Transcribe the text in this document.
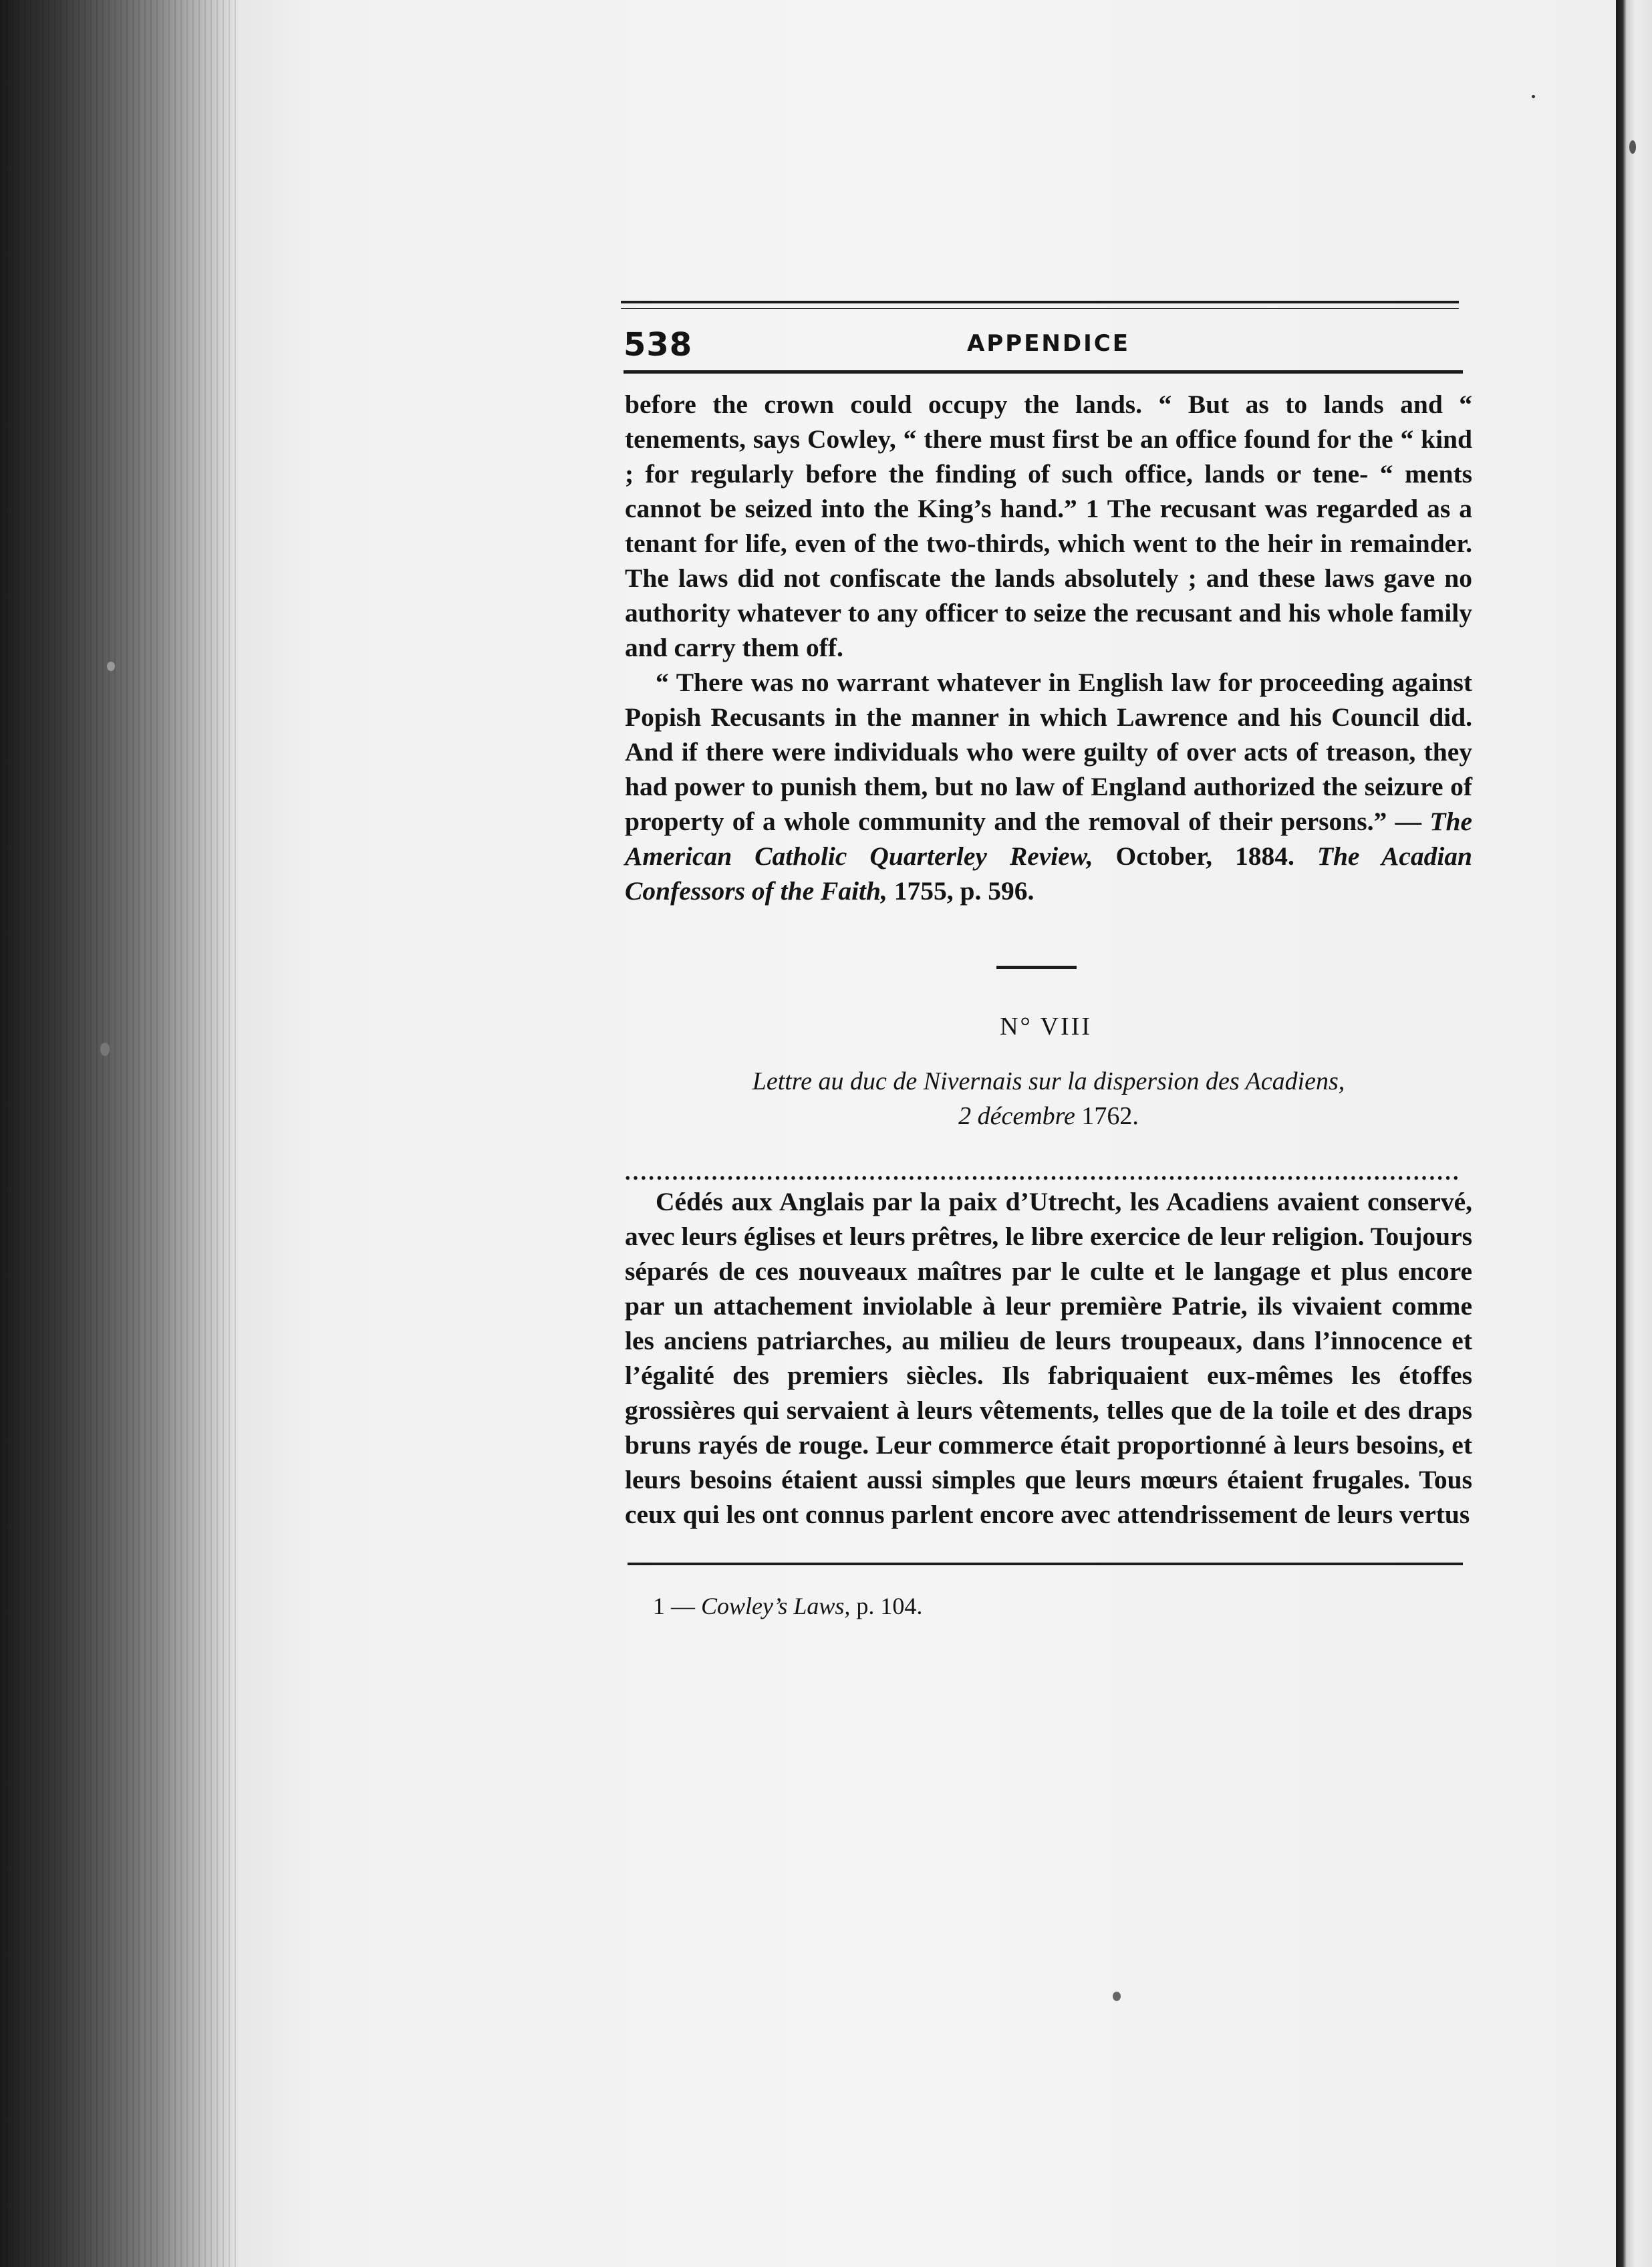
538	APPENDICE

before the crown could occupy the lands. “ But as to lands and “ tenements, says Cowley, “ there must first be an office found for the “ kind ; for regularly before the finding of such office, lands or tene- “ ments cannot be seized into the King’s hand.” 1 The recusant was regarded as a tenant for life, even of the two-thirds, which went to the heir in remainder. The laws did not confiscate the lands absolutely ; and these laws gave no authority whatever to any officer to seize the recusant and his whole family and carry them off.

“ There was no warrant whatever in English law for proceeding against Popish Recusants in the manner in which Lawrence and his Council did. And if there were individuals who were guilty of over acts of treason, they had power to punish them, but no law of England authorized the seizure of property of a whole community and the removal of their persons.” — The American Catholic Quarterley Review, October, 1884. The Acadian Confessors of the Faith, 1755, p. 596.

N° VIII
Lettre au duc de Nivernais sur la dispersion des Acadiens,
2 décembre 1762.
..........................................................................................................

Cédés aux Anglais par la paix d’Utrecht, les Acadiens avaient conservé, avec leurs églises et leurs prêtres, le libre exercice de leur religion. Toujours séparés de ces nouveaux maîtres par le culte et le langage et plus encore par un attachement inviolable à leur première Patrie, ils vivaient comme les anciens patriarches, au milieu de leurs troupeaux, dans l’innocence et l’égalité des premiers siècles. Ils fabriquaient eux-mêmes les étoffes grossières qui servaient à leurs vêtements, telles que de la toile et des draps bruns rayés de rouge. Leur commerce était proportionné à leurs besoins, et leurs besoins étaient aussi simples que leurs mœurs étaient frugales. Tous ceux qui les ont connus parlent encore avec attendrissement de leurs vertus

1 — Cowley’s Laws, p. 104.
